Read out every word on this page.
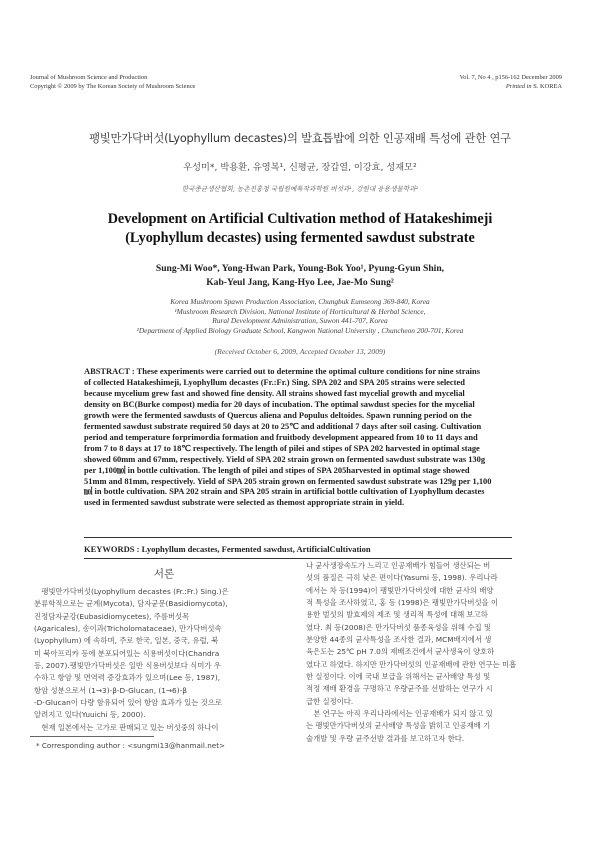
Journal of Mushroom Science and Production
Copyright © 2009 by The Korean Society of Mushroom Science
Vol. 7, No 4 , p156-162 December 2009
Printed in S. KOREA
팽빛만가닥버섯(Lyophyllum decastes)의 발효톱밥에 의한 인공재배 특성에 관한 연구
우성미*, 박용환, 유영복¹, 신평균, 장갑열, 이강효, 성재모²
한국종균생산협회, 농촌진흥청 국립원예특작과학원 버섯과¹, 강원대 응용생물학과²
Development on Artificial Cultivation method of Hatakeshimeji
(Lyophyllum decastes) using fermented sawdust substrate
Sung-Mi Woo*, Yong-Hwan Park, Young-Bok Yoo¹, Pyung-Gyun Shin,
Kab-Yeul Jang, Kang-Hyo Lee, Jae-Mo Sung²
Korea Mushroom Spawn Production Association, Chungbuk Eumseong 369-840, Korea
¹Mushroom Research Division, National Institute of Horticultural & Herbal Science,
Rural Development Administration, Suwon 441-707, Korea
²Department of Applied Biology Graduate School, Kangwon National University , Chuncheon 200-701, Korea
(Received October 6, 2009, Accepted October 13, 2009)
ABSTRACT : These experiments were carried out to determine the optimal culture conditions for nine strains
of collected Hatakeshimeji, Lyophyllum decastes (Fr.:Fr.) Sing. SPA 202 and SPA 205 strains were selected
because mycelium grew fast and showed fine density. All strains showed fast mycelial growth and mycelial
density on BC(Burke compost) media for 20 days of incubation. The optimal sawdust species for the mycelial
growth were the fermented sawdusts of Quercus aliena and Populus deltoides. Spawn running period on the
fermented sawdust substrate required 50 days at 20 to 25℃ and additional 7 days after soil casing. Cultivation
period and temperature forprimordia formation and fruitbody development appeared from 10 to 11 days and
from 7 to 8 days at 17 to 18℃ respectively. The length of pilei and stipes of SPA 202 harvested in optimal stage
showed 60mm and 67mm, respectively. Yield of SPA 202 strain grown on fermented sawdust substrate was 130g
per 1,100㏖ in bottle cultivation. The length of pilei and stipes of SPA 205harvested in optimal stage showed
51mm and 81mm, respectively. Yield of SPA 205 strain grown on fermented sawdust substrate was 129g per 1,100
㏖ in bottle cultivation. SPA 202 strain and SPA 205 strain in artificial bottle cultivation of Lyophyllum decastes
used in fermented sawdust substrate were selected as themost appropriate strain in yield.
KEYWORDS : Lyophyllum decastes, Fermented sawdust, ArtificialCultivation
서론
　팽빛만가닥버섯(Lyophyllum decastes (Fr.:Fr.) Sing.)은
분류학적으로는 균계(Mycota), 담자균문(Basidiomycota),
진정담자균강(Eubasidiomycetes), 주름버섯목
(Agaricales), 송이과(Tricholomataceae), 만가닥버섯속
(Lyophyllum) 에 속하며, 주로 한국, 일본, 중국, 유럽, 북
미 북아프리카 등에 분포되어있는 식용버섯이다(Chandra
등, 2007).팽빛만가닥버섯은 일반 식용버섯보다 식미가 우
수하고 항암 및 면역력 증강효과가 있으며(Lee 등, 1987),
항암 성분으로서 (1→3)-β-D-Glucan, (1→6)-β
-D-Glucan이 다량 함유되어 있어 항암 효과가 있는 것으로
알려지고 있다(Yuuichi 등, 2000).
　현재 일본에서는 고가로 판매되고 있는 버섯중의 하나이
나 균사생장속도가 느리고 인공재배가 힘들어 생산되는 버
섯의 품질은 극히 낮은 편이다(Yasumi 등, 1998). 우리나라
에서는 차 등(1994)이 팽빛만가닥버섯에 대한 균사의 배양
적 특성을 조사하였고, 홍 등 (1998)은 팽빛만가닥버섯을 이
용한 벌섯의 발효제의 제조 및 생리적 특성에 대해 보고하
였다. 최 등(2008)은 만가닥버섯 품종육성을 위해 수집 및
분양한 44종의 균사특성을 조사한 결과, MCM배지에서 생
육은도는 25℃ pH 7.0의 제배조건에서 균사생육이 양호하
였다고 하였다. 하지만 만가닥버섯의 인공재배에 관한 연구는 미흡
한 실정이다. 이에 국내 보급을 위해서는 균사배양 특성 및
적정 재배 환경을 구명하고 우량균주를 선발하는 연구가 시
급한 실정이다.
　본 연구는 아직 우리나라에서는 인공재배가 되지 않고 있
는 팽빛만가닥버섯의 균사배양 특성을 밝히고 인공재배 기
술개발 및 우량 균주선발 결과를 보고하고자 한다.
* Corresponding author : <sungmi13@hanmail.net>
